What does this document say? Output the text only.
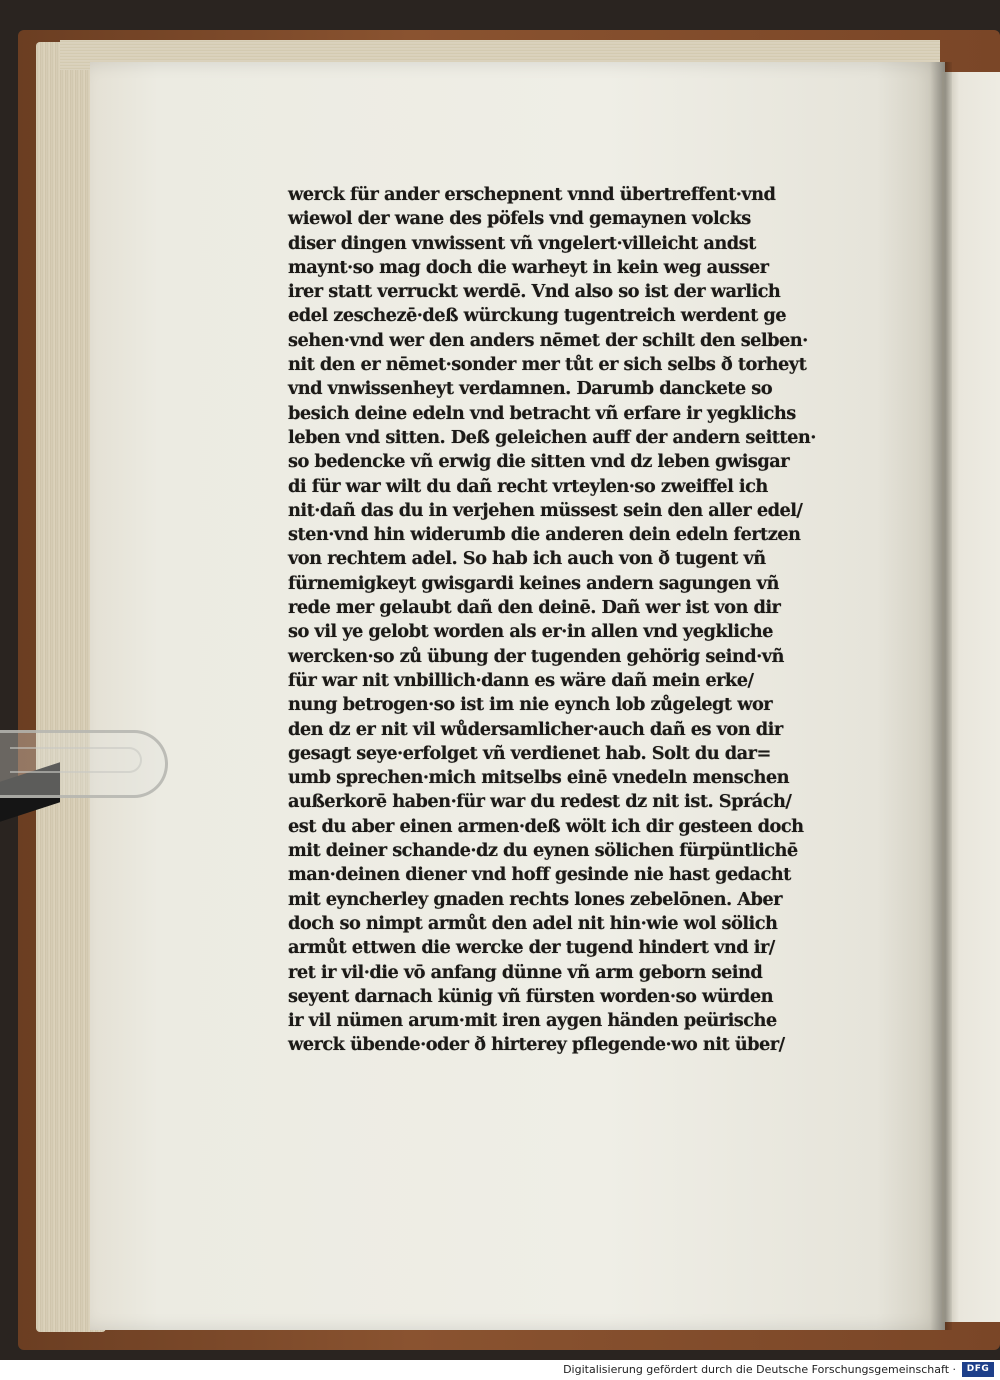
werck für ander erschepnent vnnd übertreffent·vnd
wiewol der wane des pöfels vnd gemaynen volcks
diser dingen vnwissent vñ vngelert·villeicht andst
maynt·so mag doch die warheyt in kein weg ausser
irer statt verruckt werdē. Vnd also so ist der warlich
edel zeschezē·deß würckung tugentreich werdent ge
sehen·vnd wer den anders nēmet der schilt den selben·
nit den er nēmet·sonder mer tůt er sich selbs ð torheyt
vnd vnwissenheyt verdamnen. Darumb danckete so
besich deine edeln vnd betracht vñ erfare ir yegklichs
leben vnd sitten. Deß geleichen auff der andern seitten·
so bedencke vñ erwig die sitten vnd dz leben gwisgar
di für war wilt du dañ recht vrteylen·so zweiffel ich
nit·dañ das du in verjehen müssest sein den aller edel/
sten·vnd hin widerumb die anderen dein edeln fertzen
von rechtem adel. So hab ich auch von ð tugent vñ
fürnemigkeyt gwisgardi keines andern sagungen vñ
rede mer gelaubt dañ den deinē. Dañ wer ist von dir
so vil ye gelobt worden als er·in allen vnd yegkliche
wercken·so zů übung der tugenden gehörig seind·vñ
für war nit vnbillich·dann es wäre dañ mein erke/
nung betrogen·so ist im nie eynch lob zůgelegt wor
den dz er nit vil wůdersamlicher·auch dañ es von dir
gesagt seye·erfolget vñ verdienet hab. Solt du dar=
umb sprechen·mich mitselbs einē vnedeln menschen
außerkorē haben·für war du redest dz nit ist. Sprách/
est du aber einen armen·deß wölt ich dir gesteen doch
mit deiner schande·dz du eynen sölichen fürpüntlichē
man·deinen diener vnd hoff gesinde nie hast gedacht
mit eyncherley gnaden rechts lones zebelōnen. Aber
doch so nimpt armůt den adel nit hin·wie wol sölich
armůt ettwen die wercke der tugend hindert vnd ir/
ret ir vil·die vō anfang dünne vñ arm geborn seind
seyent darnach künig vñ fürsten worden·so würden
ir vil nümen arum·mit iren aygen händen peürische
werck übende·oder ð hirterey pflegende·wo nit über/
Digitalisierung gefördert durch die Deutsche Forschungsgemeinschaft ·	DFG
